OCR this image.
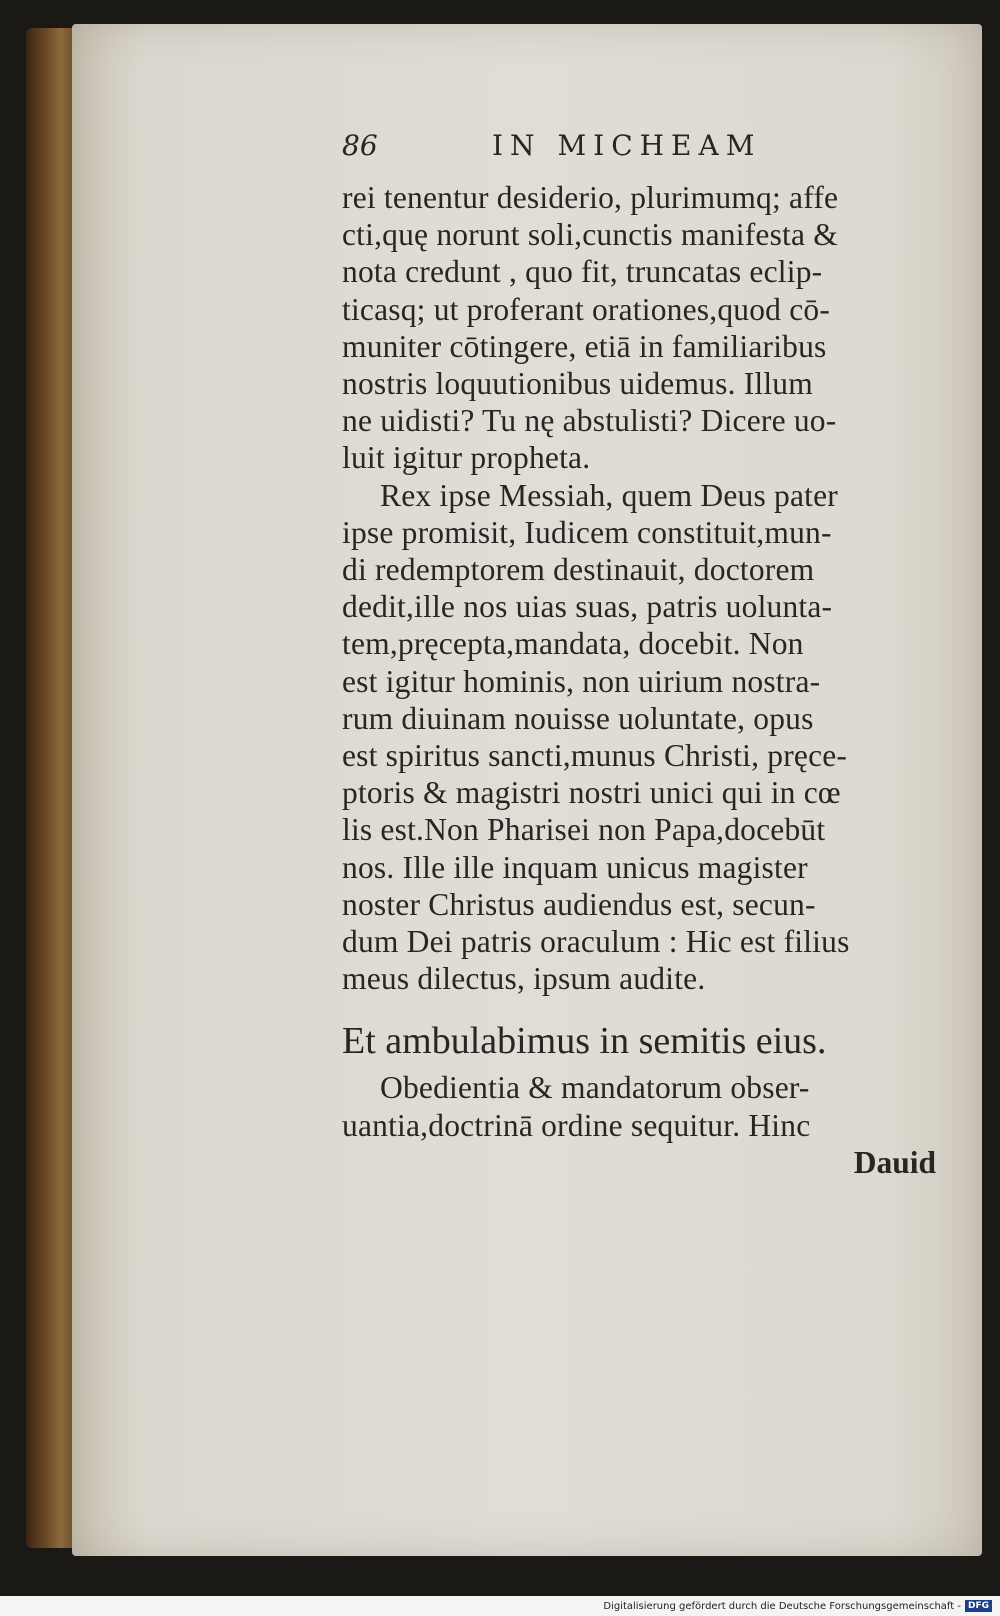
86	IN MICHEAM
rei tenentur desiderio, plurimumq; affe
cti,quę norunt soli,cunctis manifesta &
nota credunt , quo fit, truncatas eclip-
ticasq; ut proferant orationes,quod cō-
muniter cōtingere, etiā in familiaribus
nostris loquutionibus uidemus. Illum
ne uidisti? Tu nę abstulisti? Dicere uo-
luit igitur propheta.
Rex ipse Messiah, quem Deus pater
ipse promisit, Iudicem constituit,mun-
di redemptorem destinauit, doctorem
dedit,ille nos uias suas, patris uolunta-
tem,pręcepta,mandata, docebit. Non
est igitur hominis, non uirium nostra-
rum diuinam nouisse uoluntate, opus
est spiritus sancti,munus Christi, pręce-
ptoris & magistri nostri unici qui in cœ
lis est.Non Pharisei non Papa,docebūt
nos. Ille ille inquam unicus magister
noster Christus audiendus est, secun-
dum Dei patris oraculum : Hic est filius
meus dilectus, ipsum audite.
Et ambulabimus in semitis eius.
Obedientia & mandatorum obser-
uantia,doctrinā ordine sequitur. Hinc
Dauid
Digitalisierung gefördert durch die Deutsche Forschungsgemeinschaft - DFG
